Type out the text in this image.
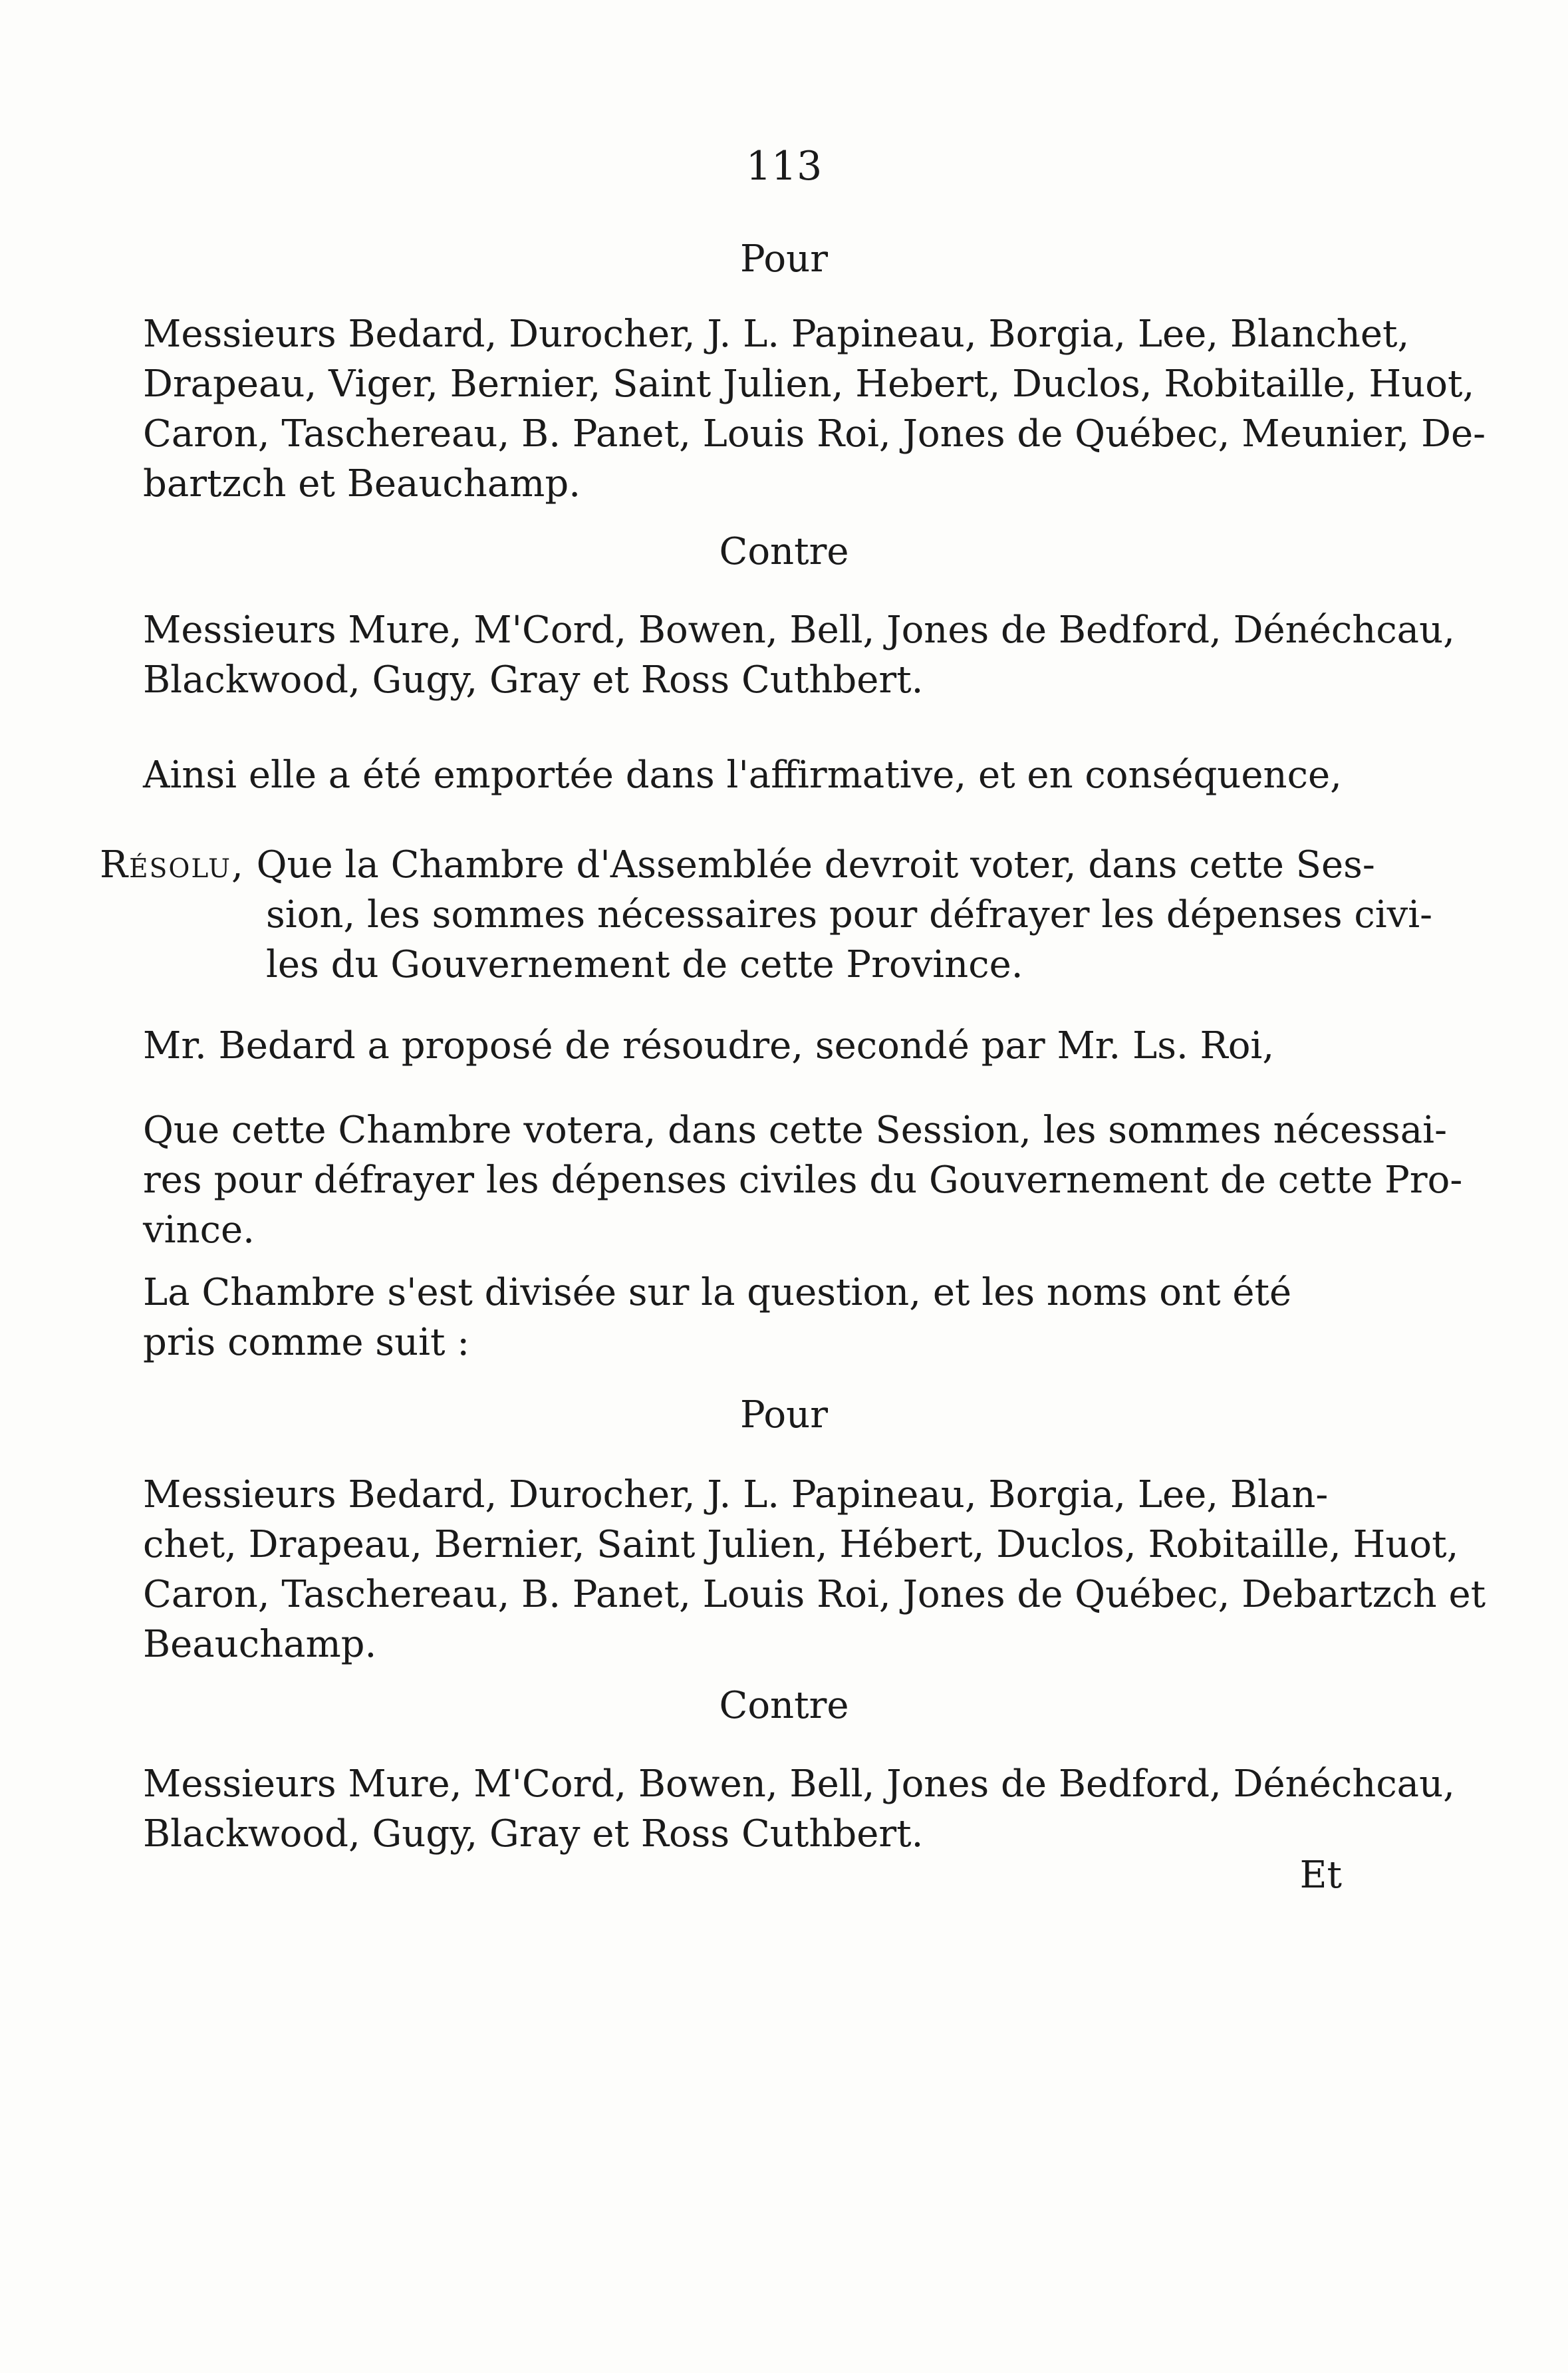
113
Pour
Messieurs Bedard, Durocher, J. L. Papineau, Borgia, Lee, Blanchet,
Drapeau, Viger, Bernier, Saint Julien, Hebert, Duclos, Robitaille, Huot,
Caron, Taschereau, B. Panet, Louis Roi, Jones de Québec, Meunier, De-
bartzch et Beauchamp.
Contre
Messieurs Mure, M'Cord, Bowen, Bell, Jones de Bedford, Dénéchcau,
Blackwood, Gugy, Gray et Ross Cuthbert.
Ainsi elle a été emportée dans l'affirmative, et en conséquence,
Résolu, Que la Chambre d'Assemblée devroit voter, dans cette Ses-
sion, les sommes nécessaires pour défrayer les dépenses civi-
les du Gouvernement de cette Province.
Mr. Bedard a proposé de résoudre, secondé par Mr. Ls. Roi,
Que cette Chambre votera, dans cette Session, les sommes nécessai-
res pour défrayer les dépenses civiles du Gouvernement de cette Pro-
vince.
La Chambre s'est divisée sur la question, et les noms ont été
pris comme suit :
Pour
Messieurs Bedard, Durocher, J. L. Papineau, Borgia, Lee, Blan-
chet, Drapeau, Bernier, Saint Julien, Hébert, Duclos, Robitaille, Huot,
Caron, Taschereau, B. Panet, Louis Roi, Jones de Québec, Debartzch et
Beauchamp.
Contre
Messieurs Mure, M'Cord, Bowen, Bell, Jones de Bedford, Dénéchcau,
Blackwood, Gugy, Gray et Ross Cuthbert.
Et
